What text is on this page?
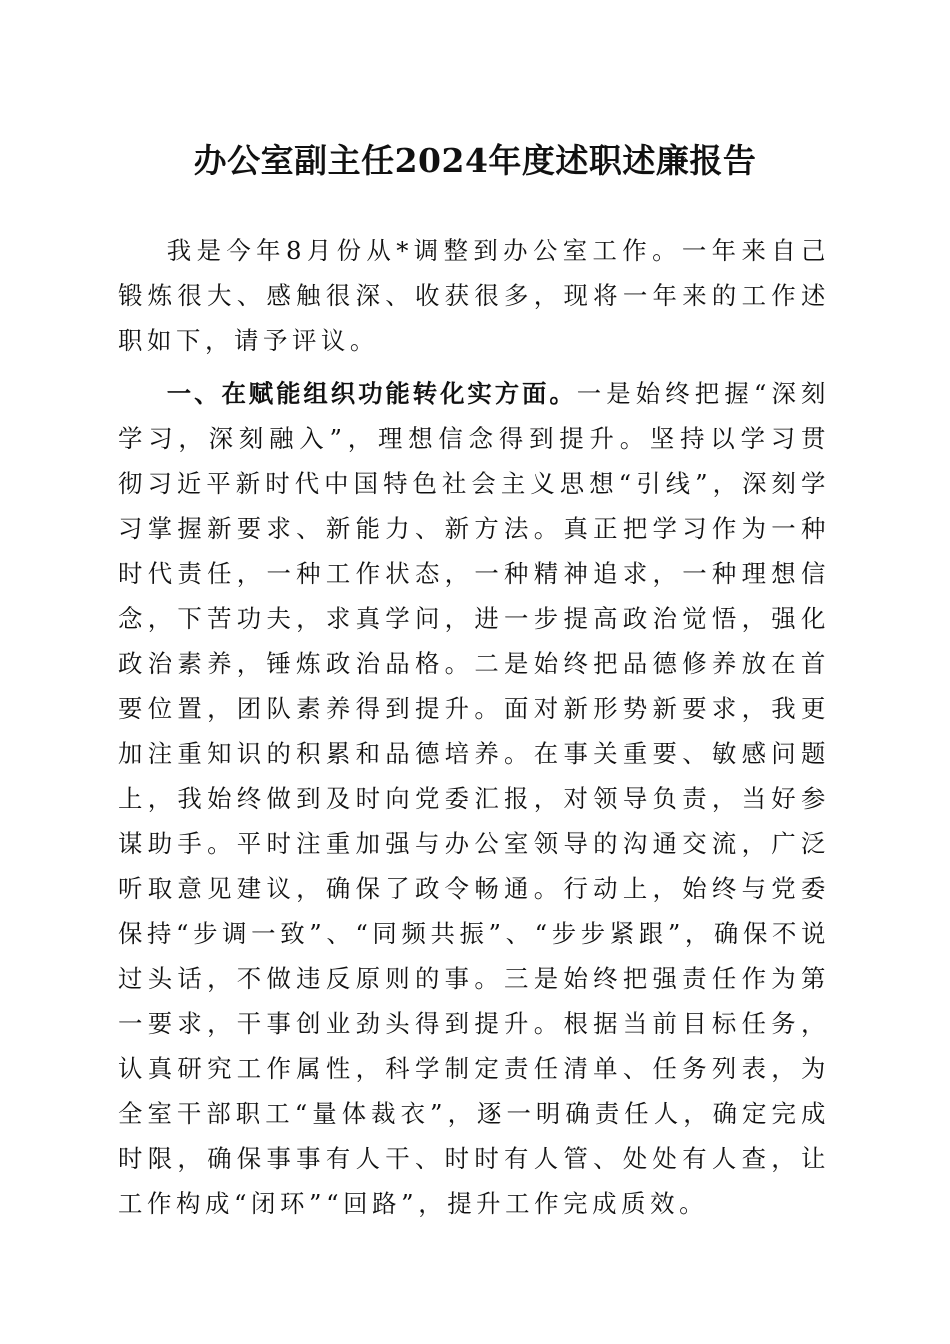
办公室副主任2024年度述职述廉报告

我是今年8月份从*调整到办公室工作。一年来自己锻炼很大、感触很深、收获很多，现将一年来的工作述职如下，请予评议。

一、在赋能组织功能转化实方面。一是始终把握“深刻学习，深刻融入”，理想信念得到提升。坚持以学习贯彻习近平新时代中国特色社会主义思想“引线”，深刻学习掌握新要求、新能力、新方法。真正把学习作为一种时代责任，一种工作状态，一种精神追求，一种理想信念，下苦功夫，求真学问，进一步提高政治觉悟，强化政治素养，锤炼政治品格。二是始终把品德修养放在首要位置，团队素养得到提升。面对新形势新要求，我更加注重知识的积累和品德培养。在事关重要、敏感问题上，我始终做到及时向党委汇报，对领导负责，当好参谋助手。平时注重加强与办公室领导的沟通交流，广泛听取意见建议，确保了政令畅通。行动上，始终与党委保持“步调一致”、“同频共振”、“步步紧跟”，确保不说过头话，不做违反原则的事。三是始终把强责任作为第一要求，干事创业劲头得到提升。根据当前目标任务，认真研究工作属性，科学制定责任清单、任务列表，为全室干部职工“量体裁衣”，逐一明确责任人，确定完成时限，确保事事有人干、时时有人管、处处有人查，让工作构成“闭环”“回路”，提升工作完成质效。
